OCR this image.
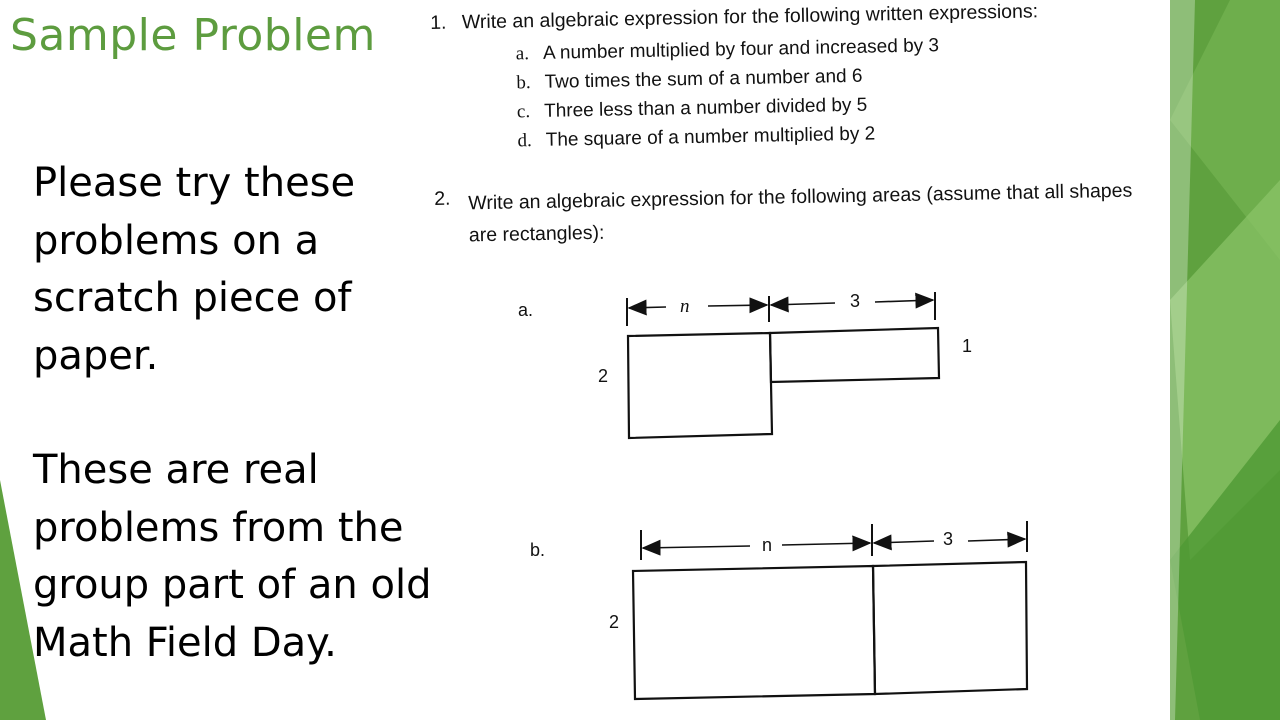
Sample Problem

Please try these problems on a scratch piece of paper.

These are real problems from the group part of an old Math Field Day.

1. Write an algebraic expression for the following written expressions:
a. A number multiplied by four and increased by 3
b. Two times the sum of a number and 6
c. Three less than a number divided by 5
d. The square of a number multiplied by 2
2. Write an algebraic expression for the following areas (assume that all shapes are rectangles):
a.	n	3
2
1
b.	n	3
2
